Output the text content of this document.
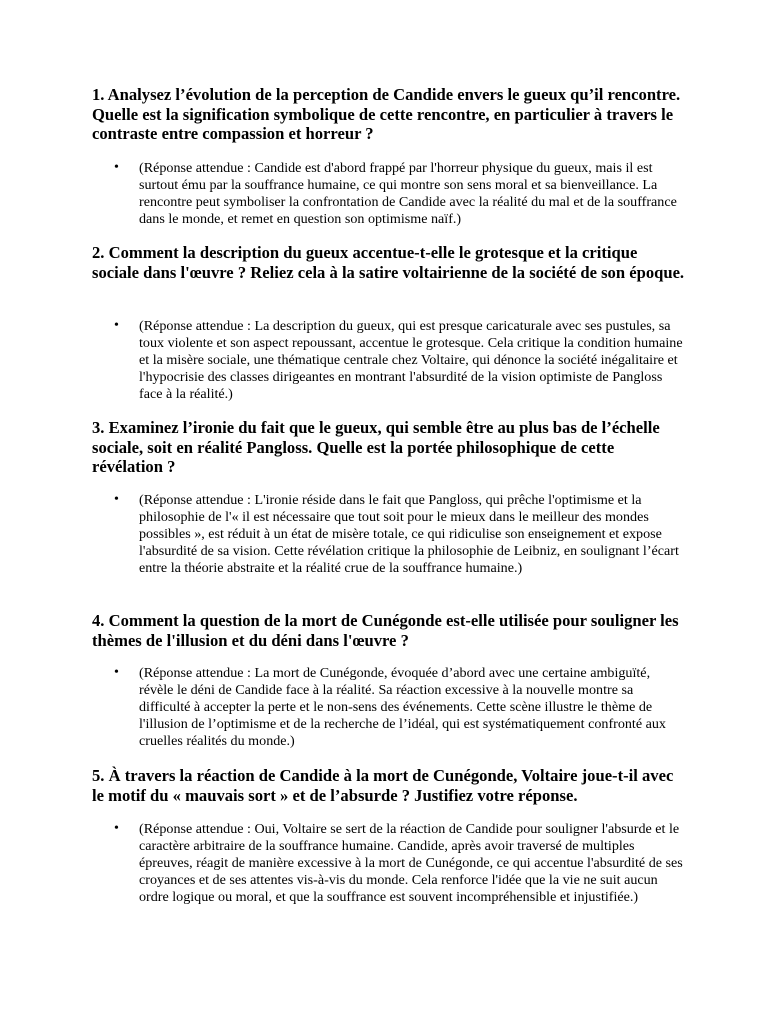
1. Analysez l’évolution de la perception de Candide envers le gueux qu’il rencontre. Quelle est la signification symbolique de cette rencontre, en particulier à travers le contraste entre compassion et horreur ?

• (Réponse attendue : Candide est d'abord frappé par l'horreur physique du gueux, mais il est surtout ému par la souffrance humaine, ce qui montre son sens moral et sa bienveillance. La rencontre peut symboliser la confrontation de Candide avec la réalité du mal et de la souffrance dans le monde, et remet en question son optimisme naïf.)

2. Comment la description du gueux accentue-t-elle le grotesque et la critique sociale dans l'œuvre ? Reliez cela à la satire voltairienne de la société de son époque.

• (Réponse attendue : La description du gueux, qui est presque caricaturale avec ses pustules, sa toux violente et son aspect repoussant, accentue le grotesque. Cela critique la condition humaine et la misère sociale, une thématique centrale chez Voltaire, qui dénonce la société inégalitaire et l'hypocrisie des classes dirigeantes en montrant l'absurdité de la vision optimiste de Pangloss face à la réalité.)

3. Examinez l’ironie du fait que le gueux, qui semble être au plus bas de l’échelle sociale, soit en réalité Pangloss. Quelle est la portée philosophique de cette révélation ?

• (Réponse attendue : L'ironie réside dans le fait que Pangloss, qui prêche l'optimisme et la philosophie de l'« il est nécessaire que tout soit pour le mieux dans le meilleur des mondes possibles », est réduit à un état de misère totale, ce qui ridiculise son enseignement et expose l'absurdité de sa vision. Cette révélation critique la philosophie de Leibniz, en soulignant l’écart entre la théorie abstraite et la réalité crue de la souffrance humaine.)

4. Comment la question de la mort de Cunégonde est-elle utilisée pour souligner les thèmes de l'illusion et du déni dans l'œuvre ?

• (Réponse attendue : La mort de Cunégonde, évoquée d’abord avec une certaine ambiguïté, révèle le déni de Candide face à la réalité. Sa réaction excessive à la nouvelle montre sa difficulté à accepter la perte et le non-sens des événements. Cette scène illustre le thème de l'illusion de l’optimisme et de la recherche de l’idéal, qui est systématiquement confronté aux cruelles réalités du monde.)

5. À travers la réaction de Candide à la mort de Cunégonde, Voltaire joue-t-il avec le motif du « mauvais sort » et de l’absurde ? Justifiez votre réponse.

• (Réponse attendue : Oui, Voltaire se sert de la réaction de Candide pour souligner l'absurde et le caractère arbitraire de la souffrance humaine. Candide, après avoir traversé de multiples épreuves, réagit de manière excessive à la mort de Cunégonde, ce qui accentue l'absurdité de ses croyances et de ses attentes vis-à-vis du monde. Cela renforce l'idée que la vie ne suit aucun ordre logique ou moral, et que la souffrance est souvent incompréhensible et injustifiée.)
